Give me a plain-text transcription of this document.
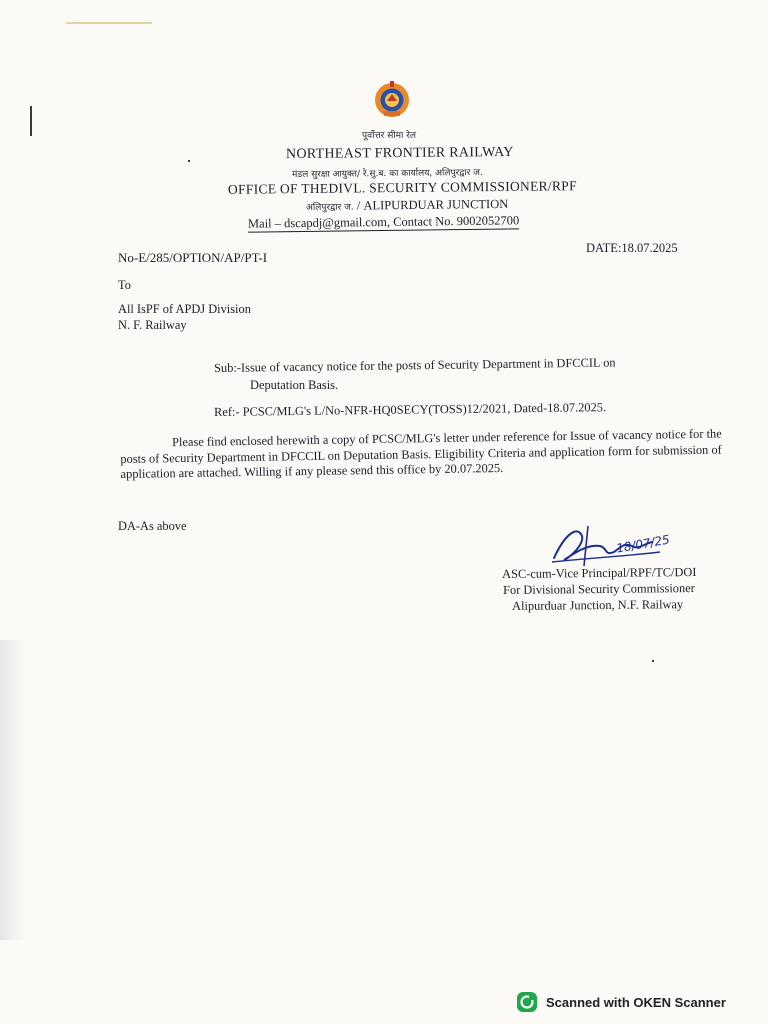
पूर्वोत्तर सीमा रेल
NORTHEAST FRONTIER RAILWAY
मंडल सुरक्षा आयुक्त/ रे.सु.ब. का कार्यालय, अलिपुरद्वार ज.
OFFICE OF THEDIVL. SECURITY COMMISSIONER/RPF
अलिपुरद्वार ज. / ALIPURDUAR JUNCTION
Mail – dscapdj@gmail.com, Contact No. 9002052700
No-E/285/OPTION/AP/PT-I
DATE:18.07.2025
To
All IsPF of APDJ Division
N. F. Railway
Sub:-Issue of vacancy notice for the posts of Security Department in DFCCIL on
Deputation Basis.
Ref:- PCSC/MLG's L/No-NFR-HQ0SECY(TOSS)12/2021, Dated-18.07.2025.
Please find enclosed herewith a copy of PCSC/MLG's letter under reference for Issue of vacancy notice for the posts of Security Department in DFCCIL on Deputation Basis. Eligibility Criteria and application form for submission of application are attached. Willing if any please send this office by 20.07.2025.
DA-As above
18/07/25
ASC-cum-Vice Principal/RPF/TC/DOI
For Divisional Security Commissioner
Alipurduar Junction, N.F. Railway
Scanned with OKEN Scanner
